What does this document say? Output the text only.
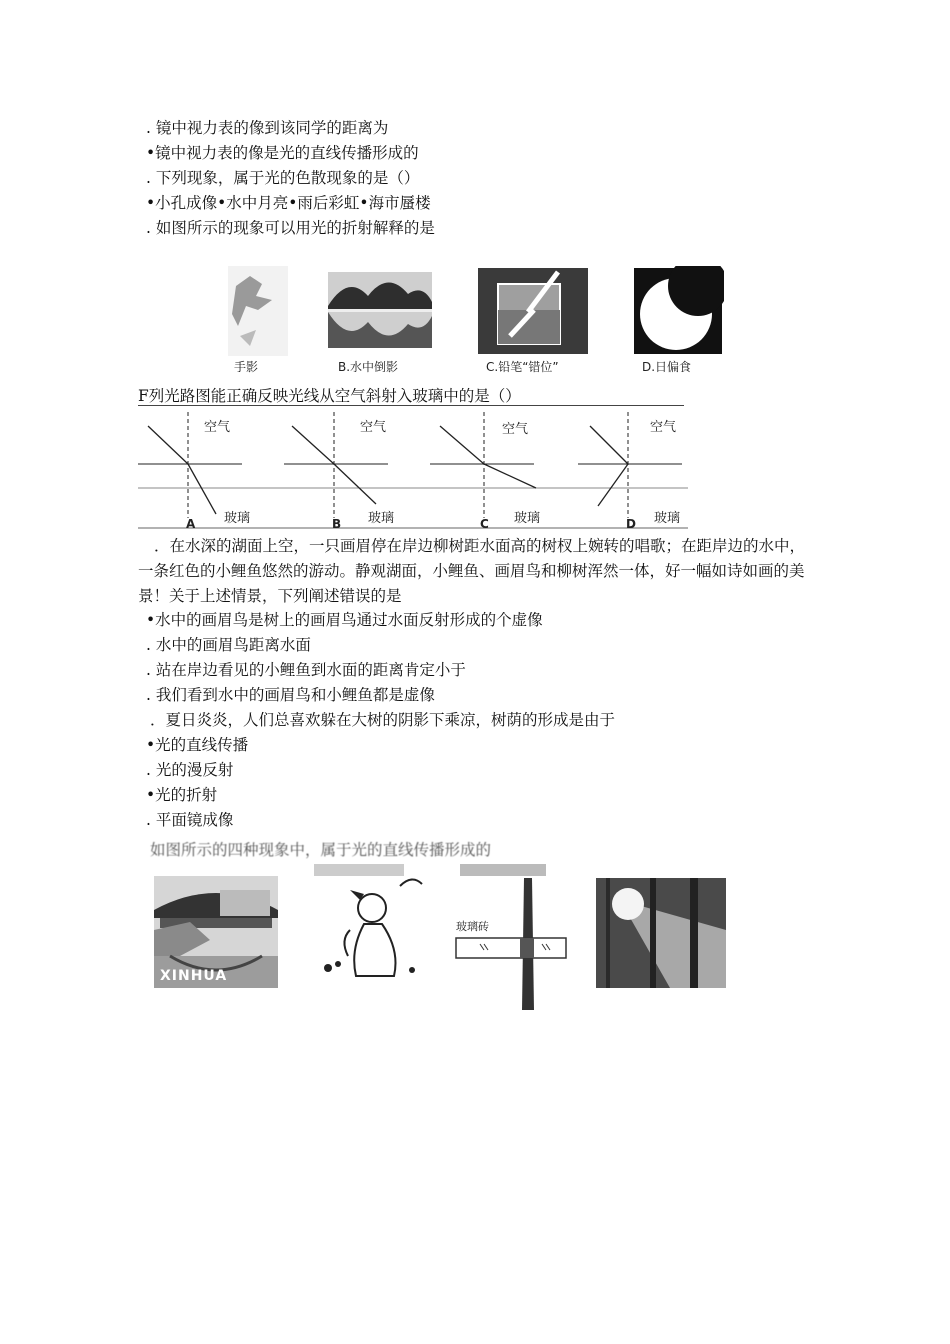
. 镜中视力表的像到该同学的距离为
•镜中视力表的像是光的直线传播形成的
. 下列现象，属于光的色散现象的是（）
•小孔成像•水中月亮•雨后彩虹•海市蜃楼
. 如图所示的现象可以用光的折射解释的是
手影	B.水中倒影	C.铅笔“错位”	D.日偏食
F列光路图能正确反映光线从空气斜射入玻璃中的是（）
空气	空气	空气	空气
玻璃	玻璃	玻璃	玻璃
A	B	C	D
．在水深的湖面上空，一只画眉停在岸边柳树距水面高的树杈上婉转的唱歌；在距岸边的水中，一条红色的小鲤鱼悠然的游动。静观湖面，小鲤鱼、画眉鸟和柳树浑然一体，好一幅如诗如画的美景！关于上述情景，下列阐述错误的是
•水中的画眉鸟是树上的画眉鸟通过水面反射形成的个虚像
. 水中的画眉鸟距离水面
. 站在岸边看见的小鲤鱼到水面的距离肯定小于
. 我们看到水中的画眉鸟和小鲤鱼都是虚像
．夏日炎炎，人们总喜欢躲在大树的阴影下乘凉，树荫的形成是由于
•光的直线传播
. 光的漫反射
•光的折射
. 平面镜成像
如图所示的四种现象中，属于光的直线传播形成的
XINHUA
玻璃砖
